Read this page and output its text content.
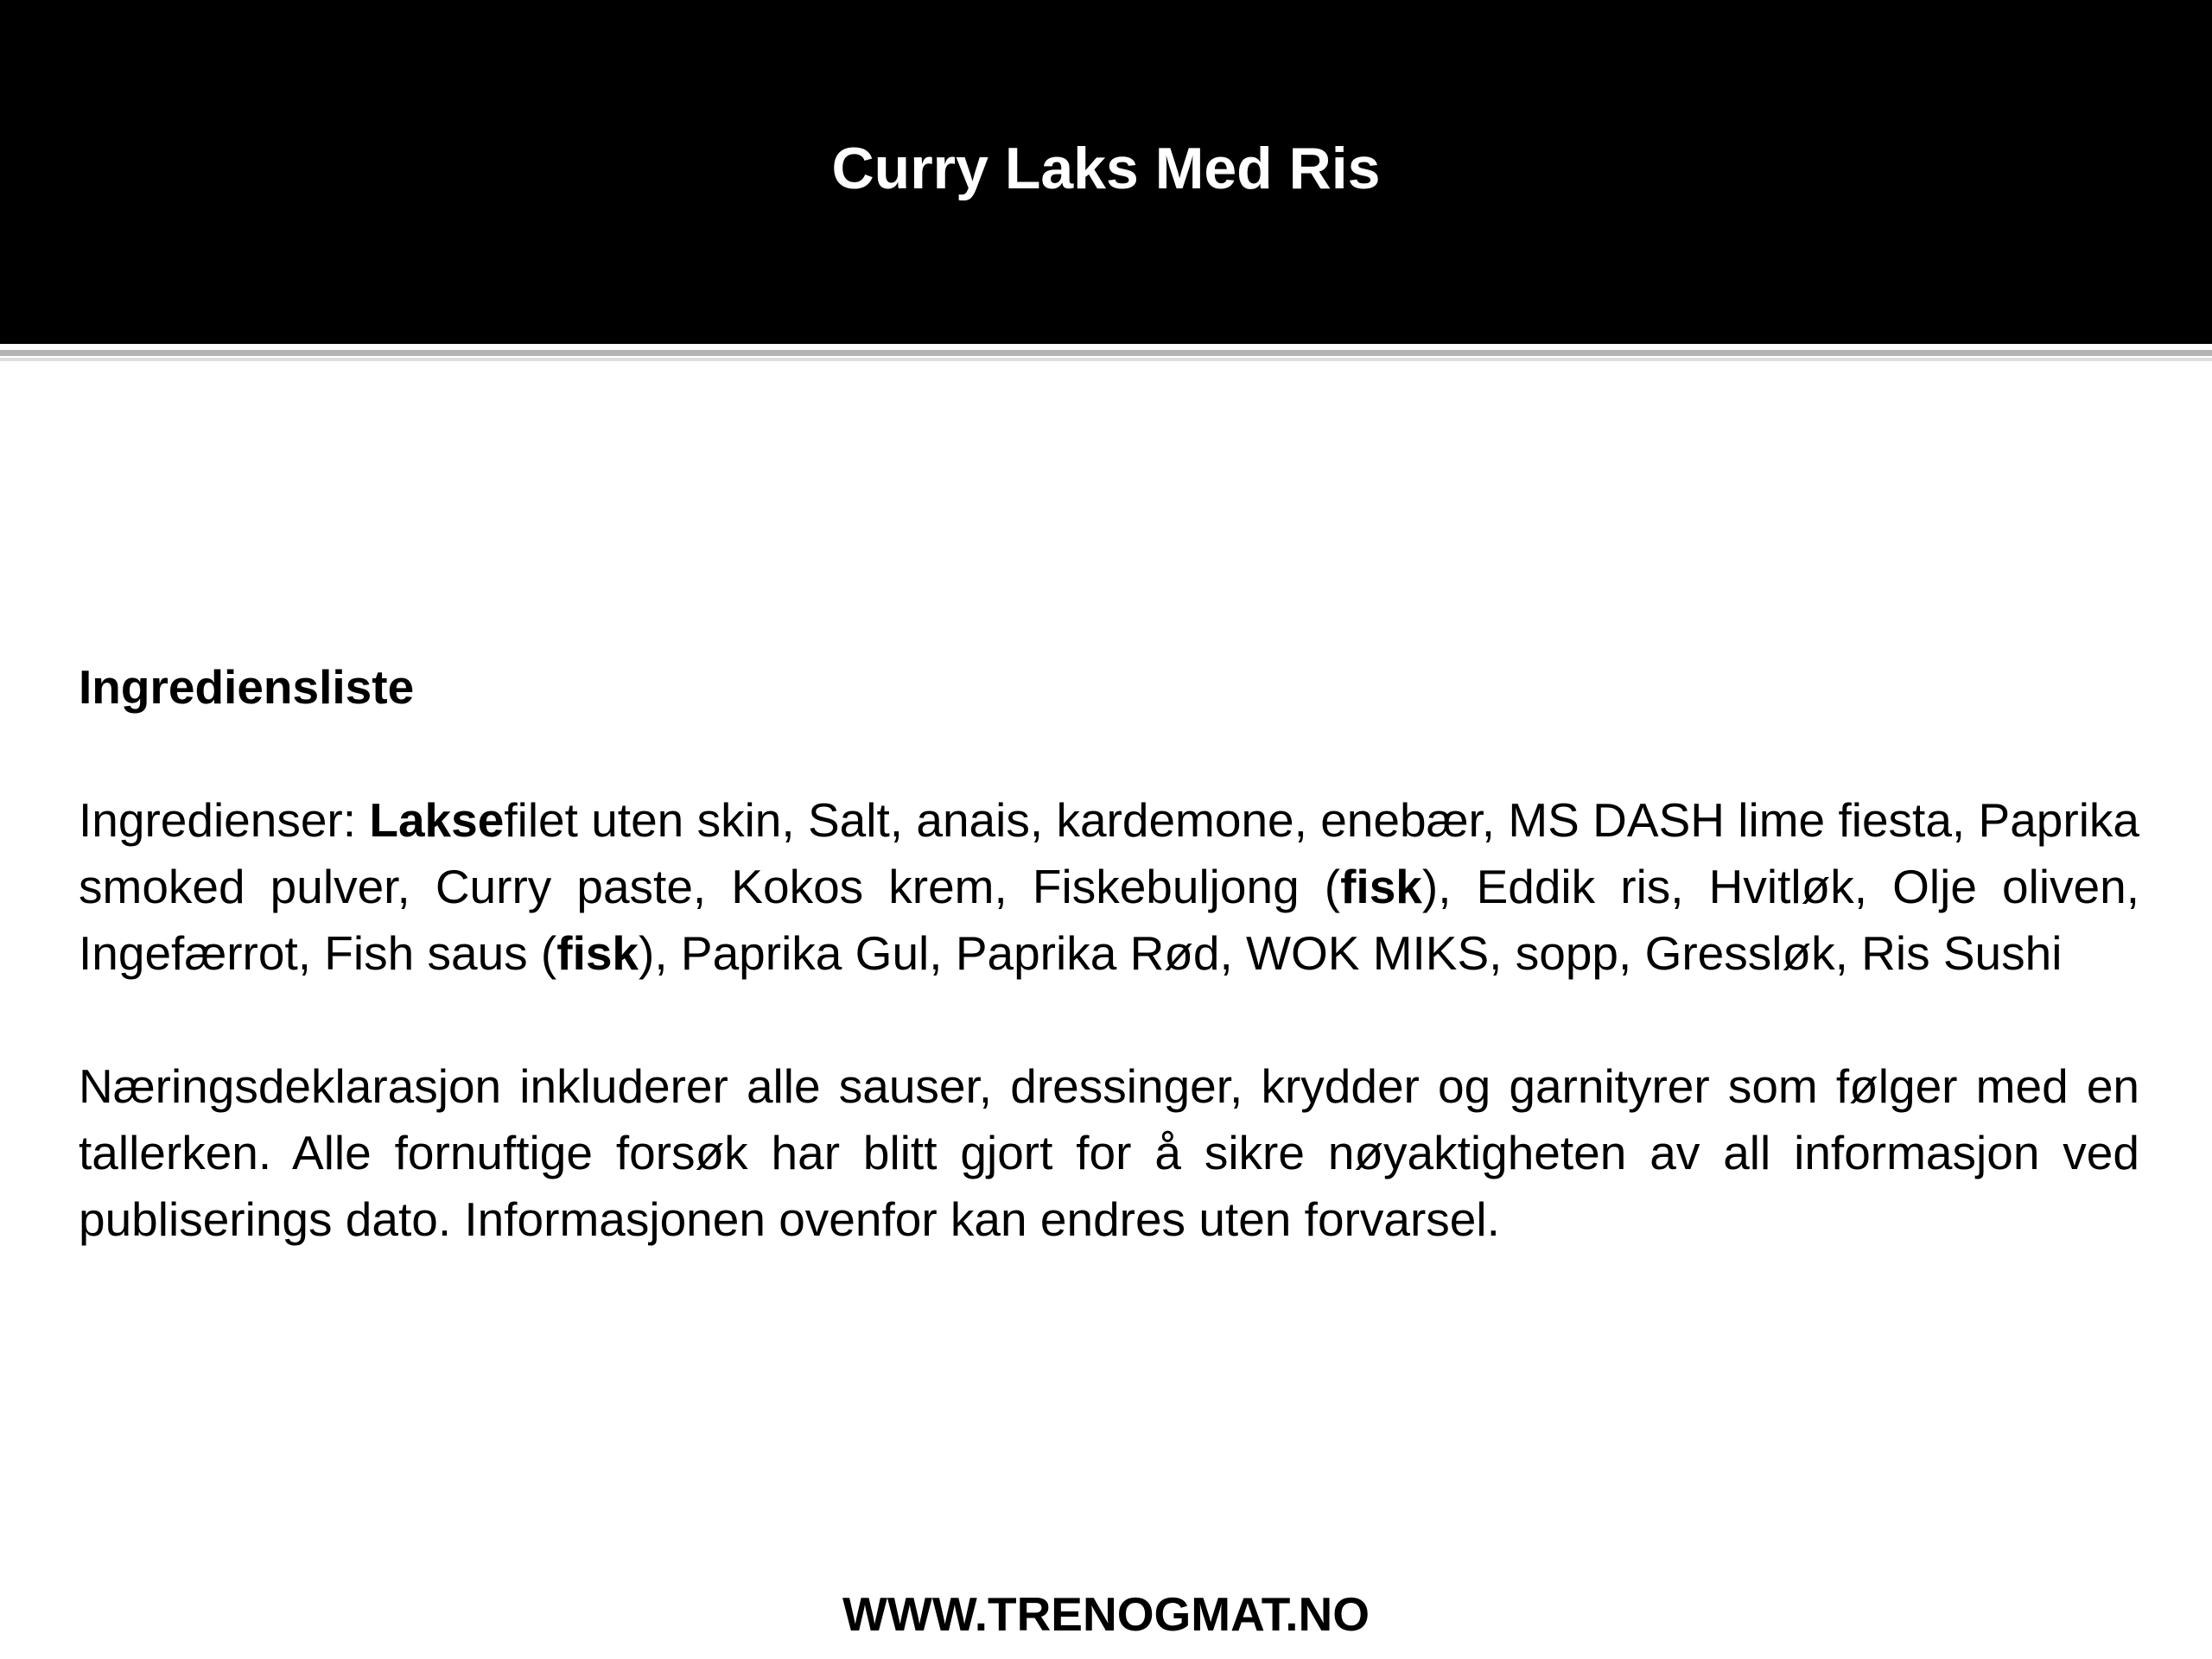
Curry Laks Med Ris

Ingrediensliste

Ingredienser: Laksefilet uten skin, Salt, anais, kardemone, enebær, MS DASH lime fiesta, Paprika smoked pulver, Curry paste, Kokos krem, Fiskebuljong (fisk), Eddik ris, Hvitløk, Olje oliven, Ingefærrot, Fish saus (fisk), Paprika Gul, Paprika Rød, WOK MIKS, sopp, Gressløk, Ris Sushi

Næringsdeklarasjon inkluderer alle sauser, dressinger, krydder og garnityrer som følger med en tallerken. Alle fornuftige forsøk har blitt gjort for å sikre nøyaktigheten av all informasjon ved publiserings dato. Informasjonen ovenfor kan endres uten forvarsel.

WWW.TRENOGMAT.NO
